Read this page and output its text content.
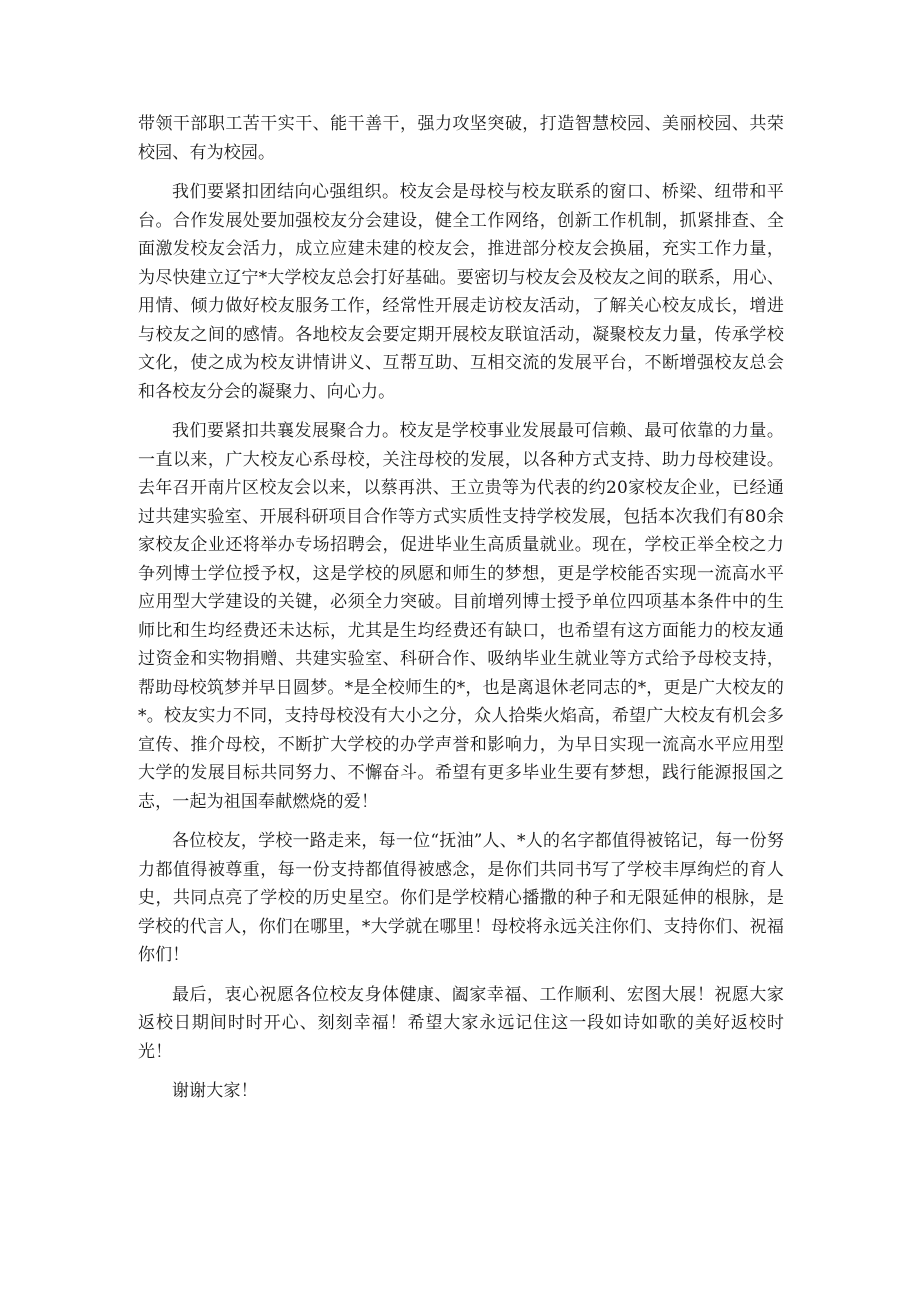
带领干部职工苦干实干、能干善干，强力攻坚突破，打造智慧校园、美丽校园、共荣校园、有为校园。

我们要紧扣团结向心强组织。校友会是母校与校友联系的窗口、桥梁、纽带和平台。合作发展处要加强校友分会建设，健全工作网络，创新工作机制，抓紧排查、全面激发校友会活力，成立应建未建的校友会，推进部分校友会换届，充实工作力量，为尽快建立辽宁*大学校友总会打好基础。要密切与校友会及校友之间的联系，用心、用情、倾力做好校友服务工作，经常性开展走访校友活动，了解关心校友成长，增进与校友之间的感情。各地校友会要定期开展校友联谊活动，凝聚校友力量，传承学校文化，使之成为校友讲情讲义、互帮互助、互相交流的发展平台，不断增强校友总会和各校友分会的凝聚力、向心力。

我们要紧扣共襄发展聚合力。校友是学校事业发展最可信赖、最可依靠的力量。一直以来，广大校友心系母校，关注母校的发展，以各种方式支持、助力母校建设。去年召开南片区校友会以来，以蔡再洪、王立贵等为代表的约20家校友企业，已经通过共建实验室、开展科研项目合作等方式实质性支持学校发展，包括本次我们有80余家校友企业还将举办专场招聘会，促进毕业生高质量就业。现在，学校正举全校之力争列博士学位授予权，这是学校的夙愿和师生的梦想，更是学校能否实现一流高水平应用型大学建设的关键，必须全力突破。目前增列博士授予单位四项基本条件中的生师比和生均经费还未达标，尤其是生均经费还有缺口，也希望有这方面能力的校友通过资金和实物捐赠、共建实验室、科研合作、吸纳毕业生就业等方式给予母校支持，帮助母校筑梦并早日圆梦。*是全校师生的*，也是离退休老同志的*，更是广大校友的*。校友实力不同，支持母校没有大小之分，众人拾柴火焰高，希望广大校友有机会多宣传、推介母校，不断扩大学校的办学声誉和影响力，为早日实现一流高水平应用型大学的发展目标共同努力、不懈奋斗。希望有更多毕业生要有梦想，践行能源报国之志，一起为祖国奉献燃烧的爱！

各位校友，学校一路走来，每一位“抚油”人、*人的名字都值得被铭记，每一份努力都值得被尊重，每一份支持都值得被感念，是你们共同书写了学校丰厚绚烂的育人史，共同点亮了学校的历史星空。你们是学校精心播撒的种子和无限延伸的根脉，是学校的代言人，你们在哪里，*大学就在哪里！母校将永远关注你们、支持你们、祝福你们！

最后，衷心祝愿各位校友身体健康、阖家幸福、工作顺利、宏图大展！祝愿大家返校日期间时时开心、刻刻幸福！希望大家永远记住这一段如诗如歌的美好返校时光！

谢谢大家！
